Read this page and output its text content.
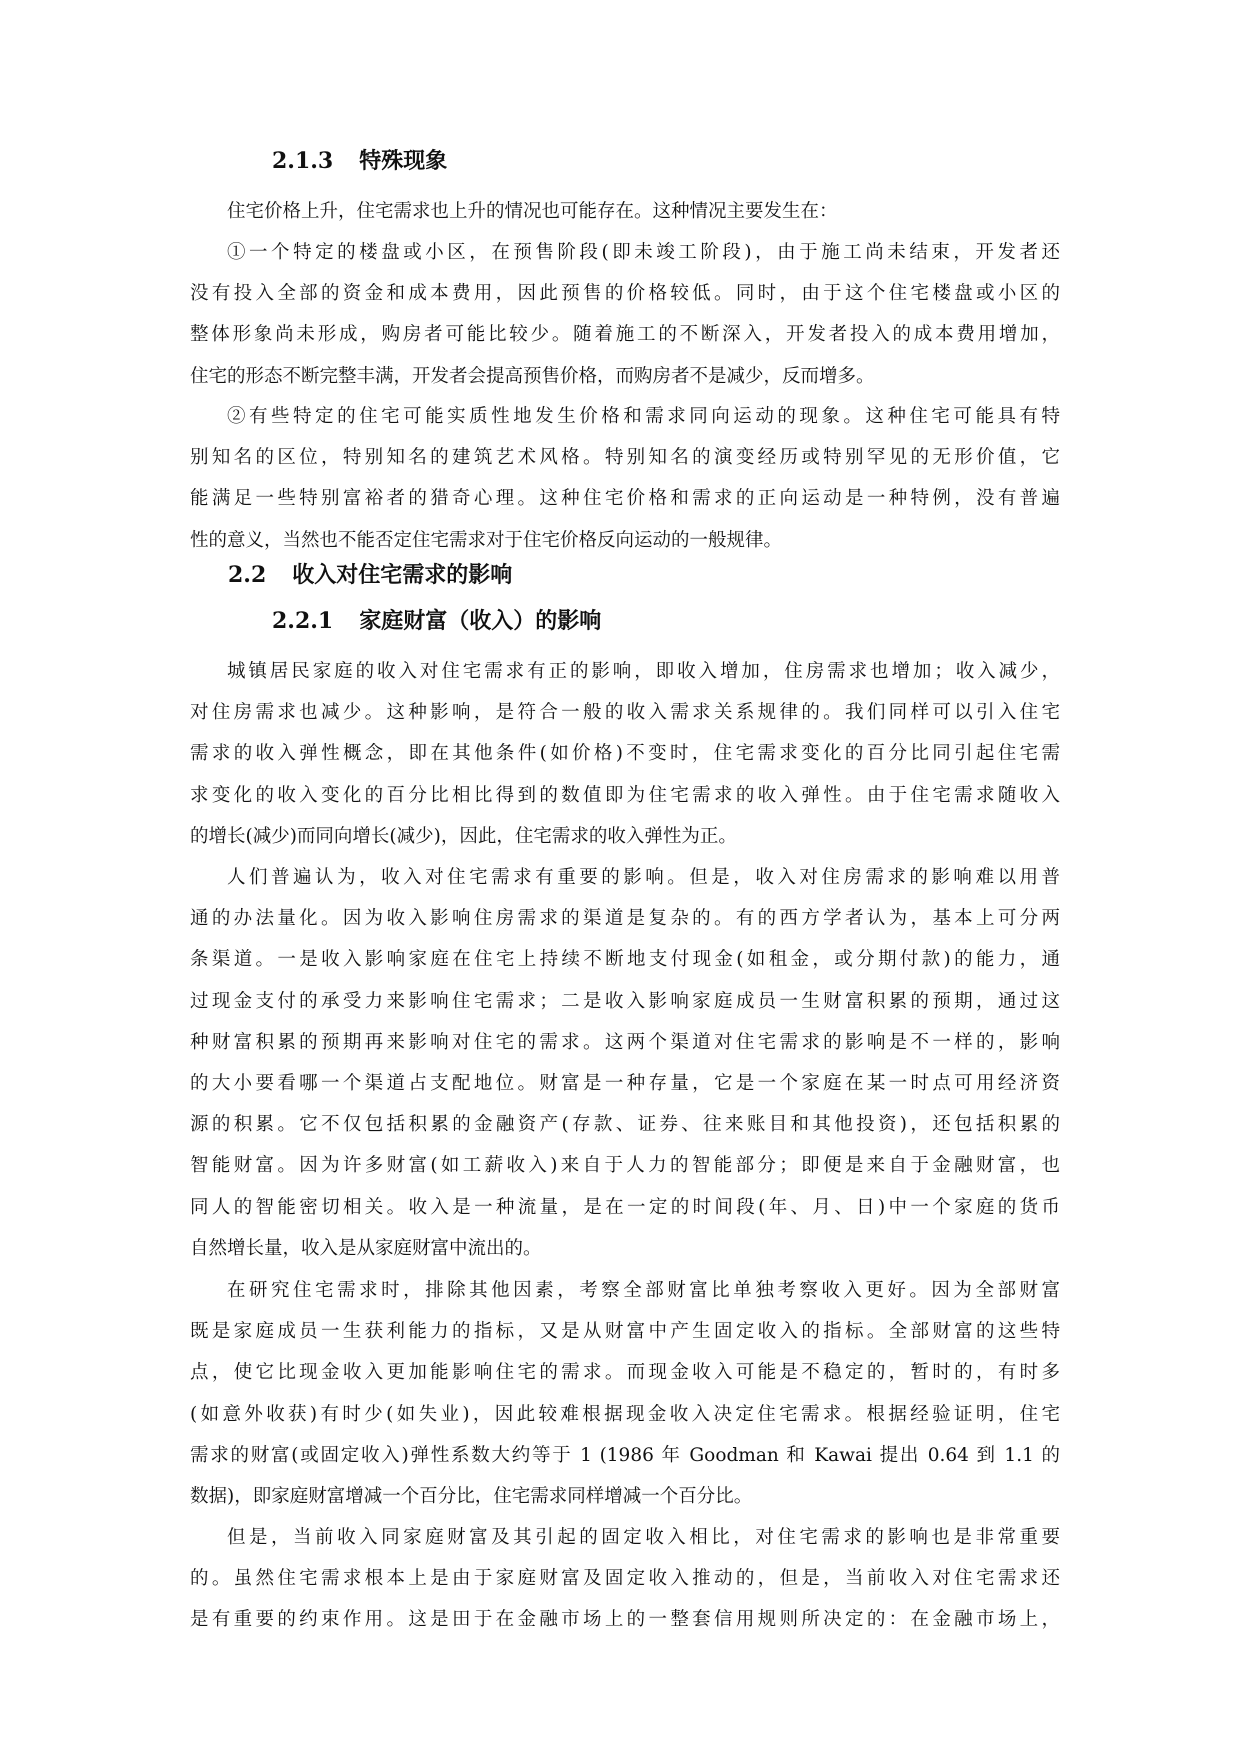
2.1.3 特殊现象
住宅价格上升，住宅需求也上升的情况也可能存在。这种情况主要发生在：
①一个特定的楼盘或小区，在预售阶段(即未竣工阶段)，由于施工尚未结束，开发者还
没有投入全部的资金和成本费用，因此预售的价格较低。同时，由于这个住宅楼盘或小区的
整体形象尚未形成，购房者可能比较少。随着施工的不断深入，开发者投入的成本费用增加，
住宅的形态不断完整丰满，开发者会提高预售价格，而购房者不是减少，反而增多。
②有些特定的住宅可能实质性地发生价格和需求同向运动的现象。这种住宅可能具有特
别知名的区位，特别知名的建筑艺术风格。特别知名的演变经历或特别罕见的无形价值，它
能满足一些特别富裕者的猎奇心理。这种住宅价格和需求的正向运动是一种特例，没有普遍
性的意义，当然也不能否定住宅需求对于住宅价格反向运动的一般规律。
2.2 收入对住宅需求的影响
2.2.1 家庭财富（收入）的影响
城镇居民家庭的收入对住宅需求有正的影响，即收入增加，住房需求也增加；收入减少，
对住房需求也减少。这种影响，是符合一般的收入需求关系规律的。我们同样可以引入住宅
需求的收入弹性概念，即在其他条件(如价格)不变时，住宅需求变化的百分比同引起住宅需
求变化的收入变化的百分比相比得到的数值即为住宅需求的收入弹性。由于住宅需求随收入
的增长(减少)而同向增长(减少)，因此，住宅需求的收入弹性为正。
人们普遍认为，收入对住宅需求有重要的影响。但是，收入对住房需求的影响难以用普
通的办法量化。因为收入影响住房需求的渠道是复杂的。有的西方学者认为，基本上可分两
条渠道。一是收入影响家庭在住宅上持续不断地支付现金(如租金，或分期付款)的能力，通
过现金支付的承受力来影响住宅需求；二是收入影响家庭成员一生财富积累的预期，通过这
种财富积累的预期再来影响对住宅的需求。这两个渠道对住宅需求的影响是不一样的，影响
的大小要看哪一个渠道占支配地位。财富是一种存量，它是一个家庭在某一时点可用经济资
源的积累。它不仅包括积累的金融资产(存款、证券、往来账目和其他投资)，还包括积累的
智能财富。因为许多财富(如工薪收入)来自于人力的智能部分；即便是来自于金融财富，也
同人的智能密切相关。收入是一种流量，是在一定的时间段(年、月、日)中一个家庭的货币
自然增长量，收入是从家庭财富中流出的。
在研究住宅需求时，排除其他因素，考察全部财富比单独考察收入更好。因为全部财富
既是家庭成员一生获利能力的指标，又是从财富中产生固定收入的指标。全部财富的这些特
点，使它比现金收入更加能影响住宅的需求。而现金收入可能是不稳定的，暂时的，有时多
(如意外收获)有时少(如失业)，因此较难根据现金收入决定住宅需求。根据经验证明，住宅
需求的财富(或固定收入)弹性系数大约等于 1 (1986 年 Goodman 和 Kawai 提出 0.64 到 1.1 的
数据)，即家庭财富增减一个百分比，住宅需求同样增减一个百分比。
但是，当前收入同家庭财富及其引起的固定收入相比，对住宅需求的影响也是非常重要
的。虽然住宅需求根本上是由于家庭财富及固定收入推动的，但是，当前收入对住宅需求还
是有重要的约束作用。这是田于在金融市场上的一整套信用规则所决定的：在金融市场上，
